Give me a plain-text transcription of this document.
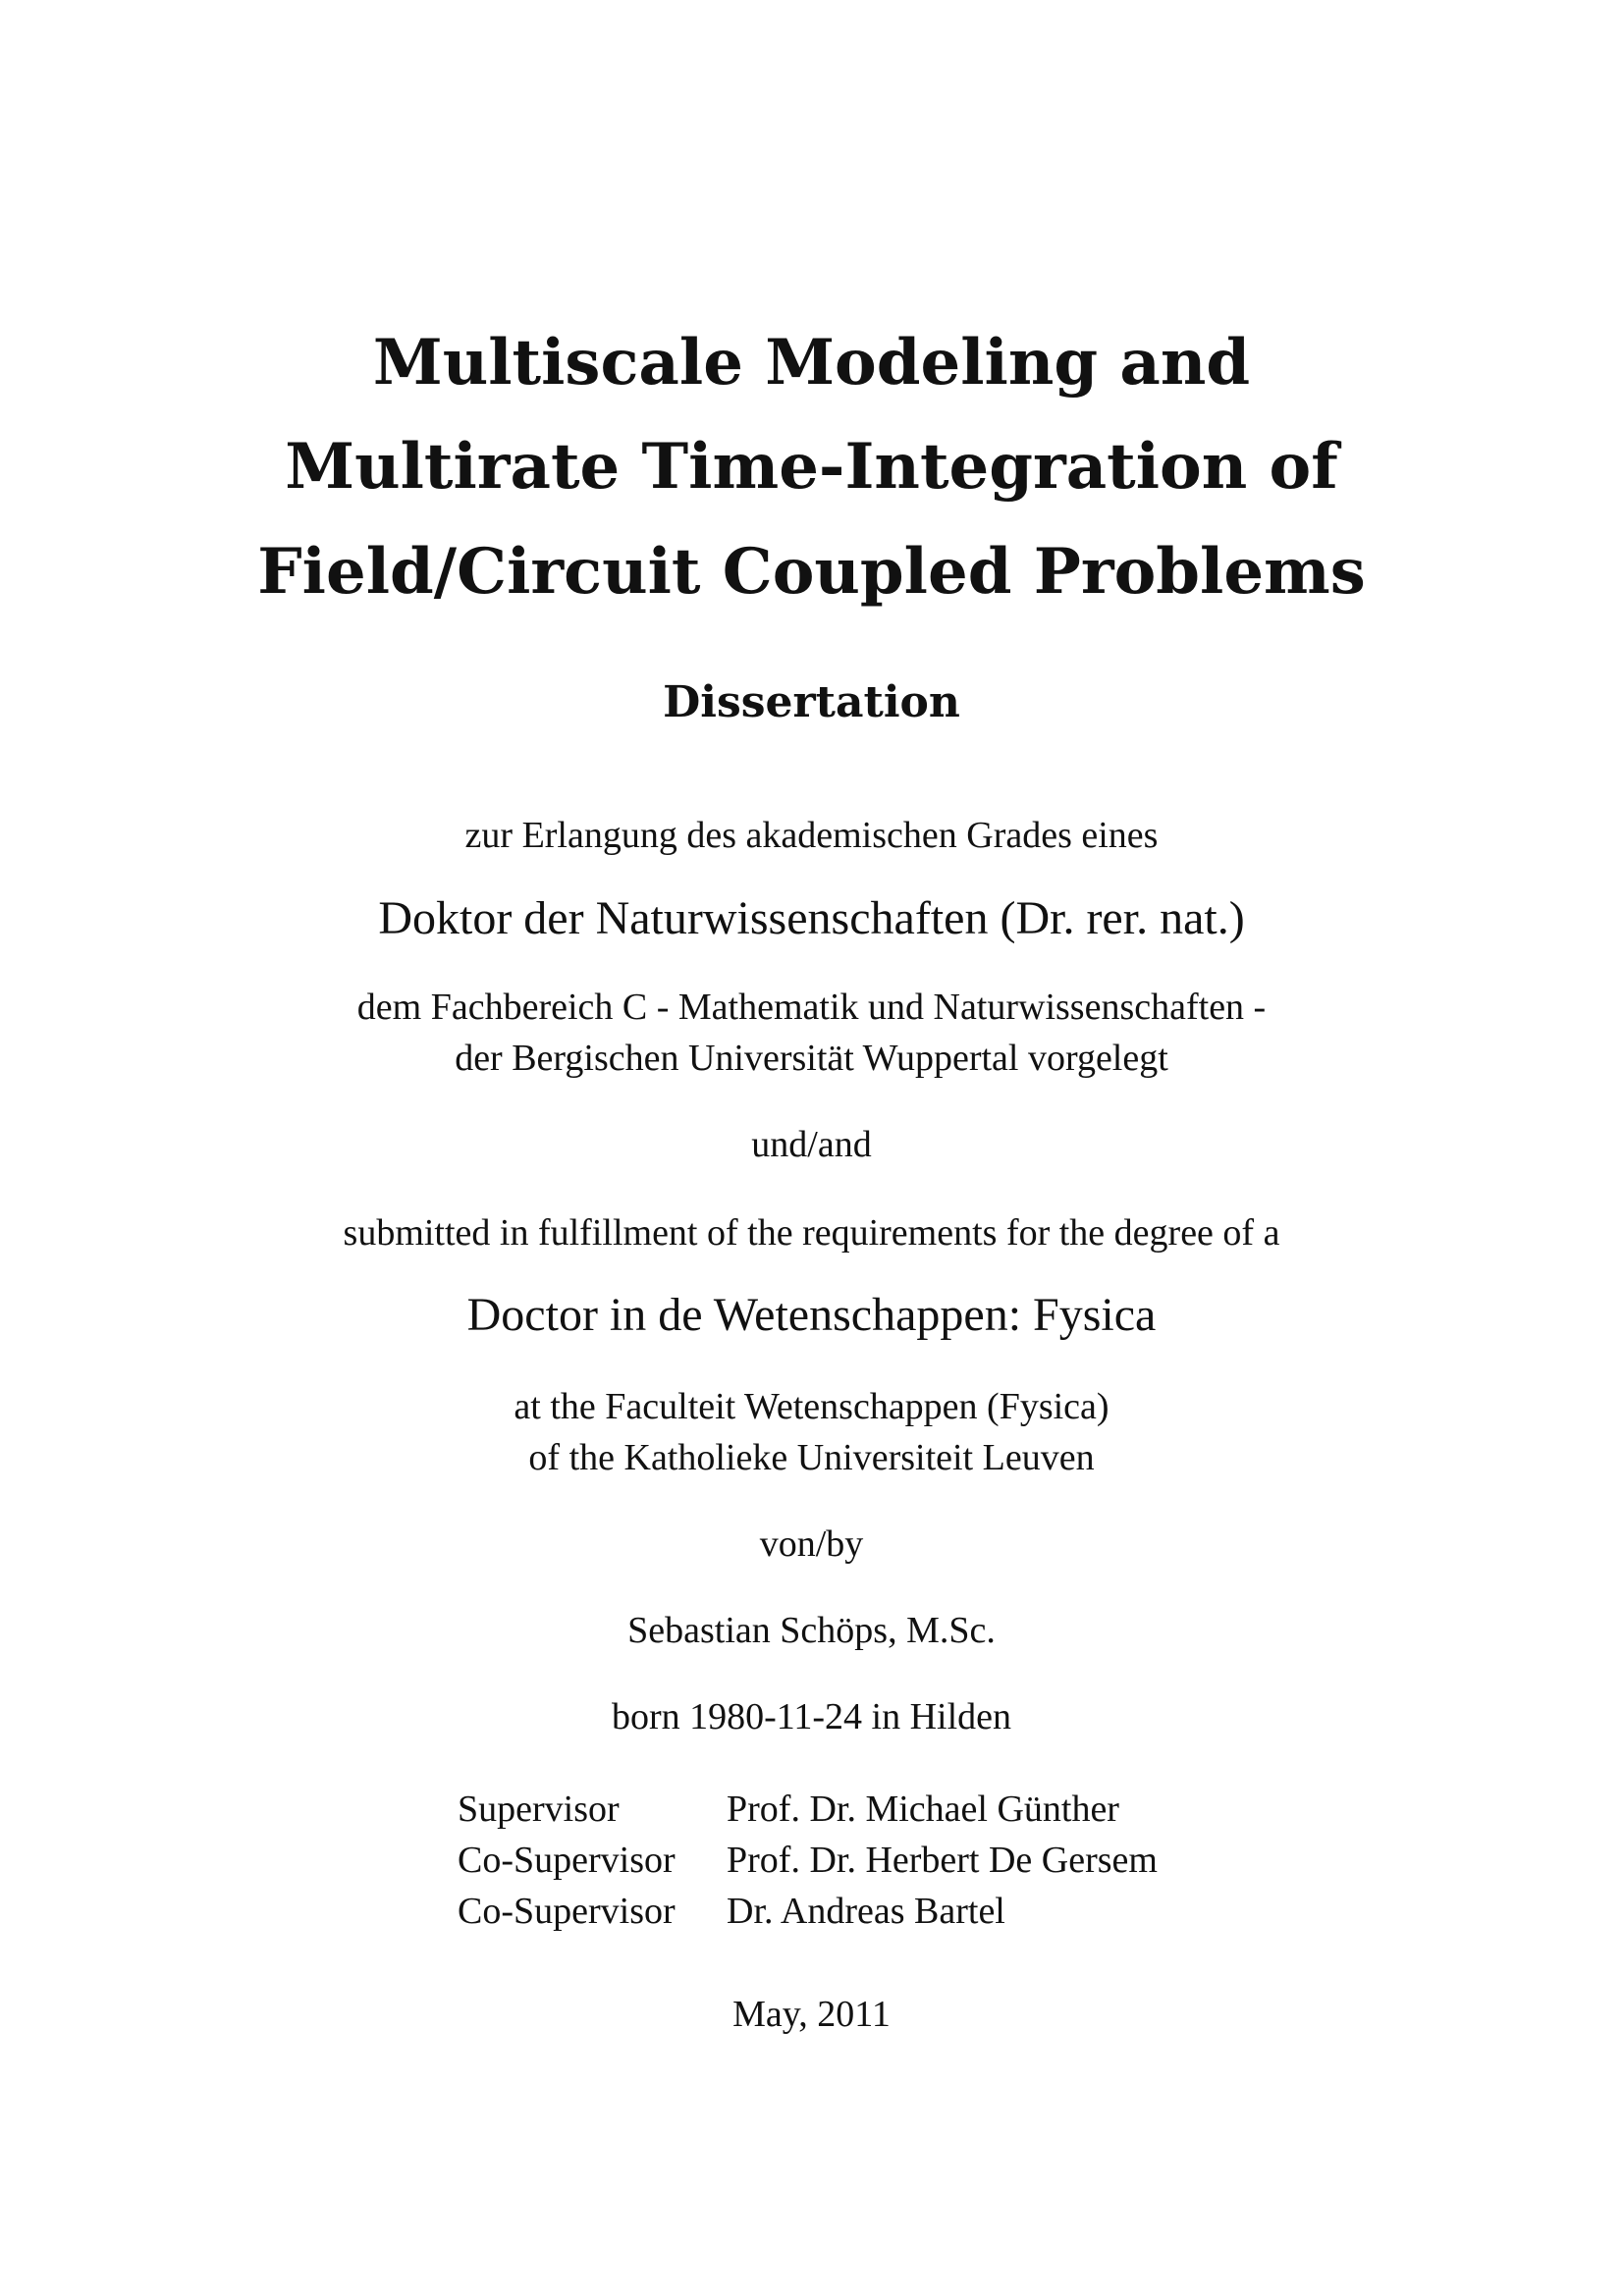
Multiscale Modeling and
Multirate Time-Integration of
Field/Circuit Coupled Problems
Dissertation
zur Erlangung des akademischen Grades eines
Doktor der Naturwissenschaften (Dr. rer. nat.)
dem Fachbereich C - Mathematik und Naturwissenschaften -
der Bergischen Universität Wuppertal vorgelegt
und/and
submitted in fulfillment of the requirements for the degree of a
Doctor in de Wetenschappen: Fysica
at the Faculteit Wetenschappen (Fysica)
of the Katholieke Universiteit Leuven
von/by
Sebastian Schöps, M.Sc.
born 1980-11-24 in Hilden
Supervisor	Prof. Dr. Michael Günther
Co-Supervisor	Prof. Dr. Herbert De Gersem
Co-Supervisor	Dr. Andreas Bartel
May, 2011
